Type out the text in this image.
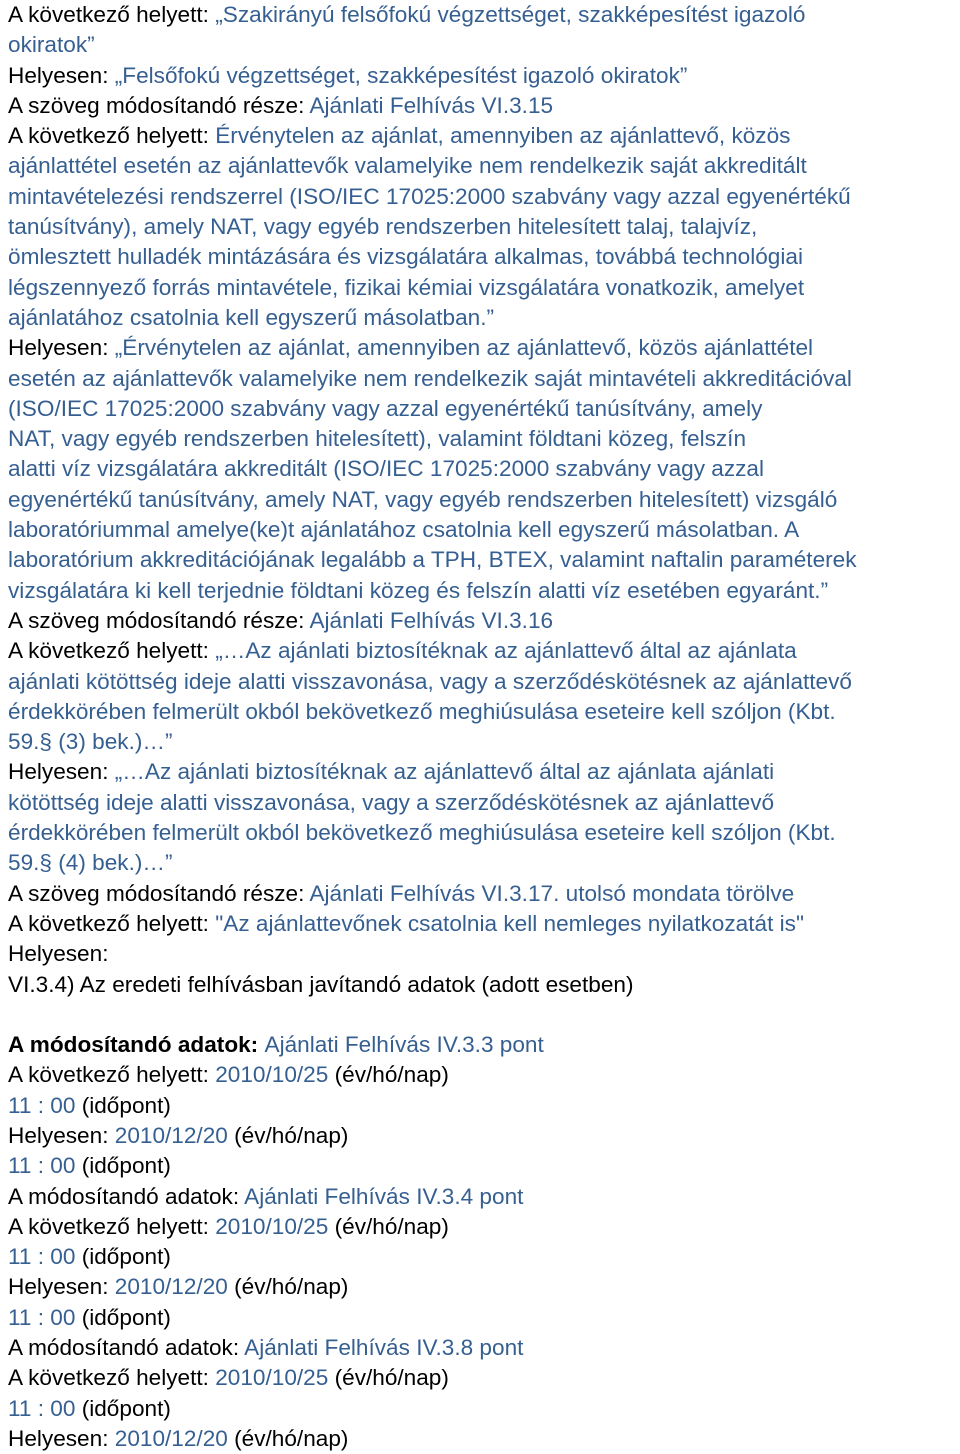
A következő helyett: „Szakirányú felsőfokú végzettséget, szakképesítést igazoló
okiratok”
Helyesen: „Felsőfokú végzettséget, szakképesítést igazoló okiratok”
A szöveg módosítandó része: Ajánlati Felhívás VI.3.15
A következő helyett: Érvénytelen az ajánlat, amennyiben az ajánlattevő, közös
ajánlattétel esetén az ajánlattevők valamelyike nem rendelkezik saját akkreditált
mintavételezési rendszerrel (ISO/IEC 17025:2000 szabvány vagy azzal egyenértékű
tanúsítvány), amely NAT, vagy egyéb rendszerben hitelesített talaj, talajvíz,
ömlesztett hulladék mintázására és vizsgálatára alkalmas, továbbá technológiai
légszennyező forrás mintavétele, fizikai kémiai vizsgálatára vonatkozik, amelyet
ajánlatához csatolnia kell egyszerű másolatban.”
Helyesen: „Érvénytelen az ajánlat, amennyiben az ajánlattevő, közös ajánlattétel
esetén az ajánlattevők valamelyike nem rendelkezik saját mintavételi akkreditációval
(ISO/IEC 17025:2000 szabvány vagy azzal egyenértékű tanúsítvány, amely
NAT, vagy egyéb rendszerben hitelesített), valamint földtani közeg, felszín
alatti víz vizsgálatára akkreditált (ISO/IEC 17025:2000 szabvány vagy azzal
egyenértékű tanúsítvány, amely NAT, vagy egyéb rendszerben hitelesített) vizsgáló
laboratóriummal amelye(ke)t ajánlatához csatolnia kell egyszerű másolatban. A
laboratórium akkreditációjának legalább a TPH, BTEX, valamint naftalin paraméterek
vizsgálatára ki kell terjednie földtani közeg és felszín alatti víz esetében egyaránt.”
A szöveg módosítandó része: Ajánlati Felhívás VI.3.16
A következő helyett: „…Az ajánlati biztosítéknak az ajánlattevő által az ajánlata
ajánlati kötöttség ideje alatti visszavonása, vagy a szerződéskötésnek az ajánlattevő
érdekkörében felmerült okból bekövetkező meghiúsulása eseteire kell szóljon (Kbt.
59.§ (3) bek.)…”
Helyesen: „…Az ajánlati biztosítéknak az ajánlattevő által az ajánlata ajánlati
kötöttség ideje alatti visszavonása, vagy a szerződéskötésnek az ajánlattevő
érdekkörében felmerült okból bekövetkező meghiúsulása eseteire kell szóljon (Kbt.
59.§ (4) bek.)…”
A szöveg módosítandó része: Ajánlati Felhívás VI.3.17. utolsó mondata törölve
A következő helyett: "Az ajánlattevőnek csatolnia kell nemleges nyilatkozatát is"
Helyesen:
VI.3.4) Az eredeti felhívásban javítandó adatok (adott esetben)
A módosítandó adatok: Ajánlati Felhívás IV.3.3 pont
A következő helyett: 2010/10/25 (év/hó/nap)
11 : 00 (időpont)
Helyesen: 2010/12/20 (év/hó/nap)
11 : 00 (időpont)
A módosítandó adatok: Ajánlati Felhívás IV.3.4 pont
A következő helyett: 2010/10/25 (év/hó/nap)
11 : 00 (időpont)
Helyesen: 2010/12/20 (év/hó/nap)
11 : 00 (időpont)
A módosítandó adatok: Ajánlati Felhívás IV.3.8 pont
A következő helyett: 2010/10/25 (év/hó/nap)
11 : 00 (időpont)
Helyesen: 2010/12/20 (év/hó/nap)
